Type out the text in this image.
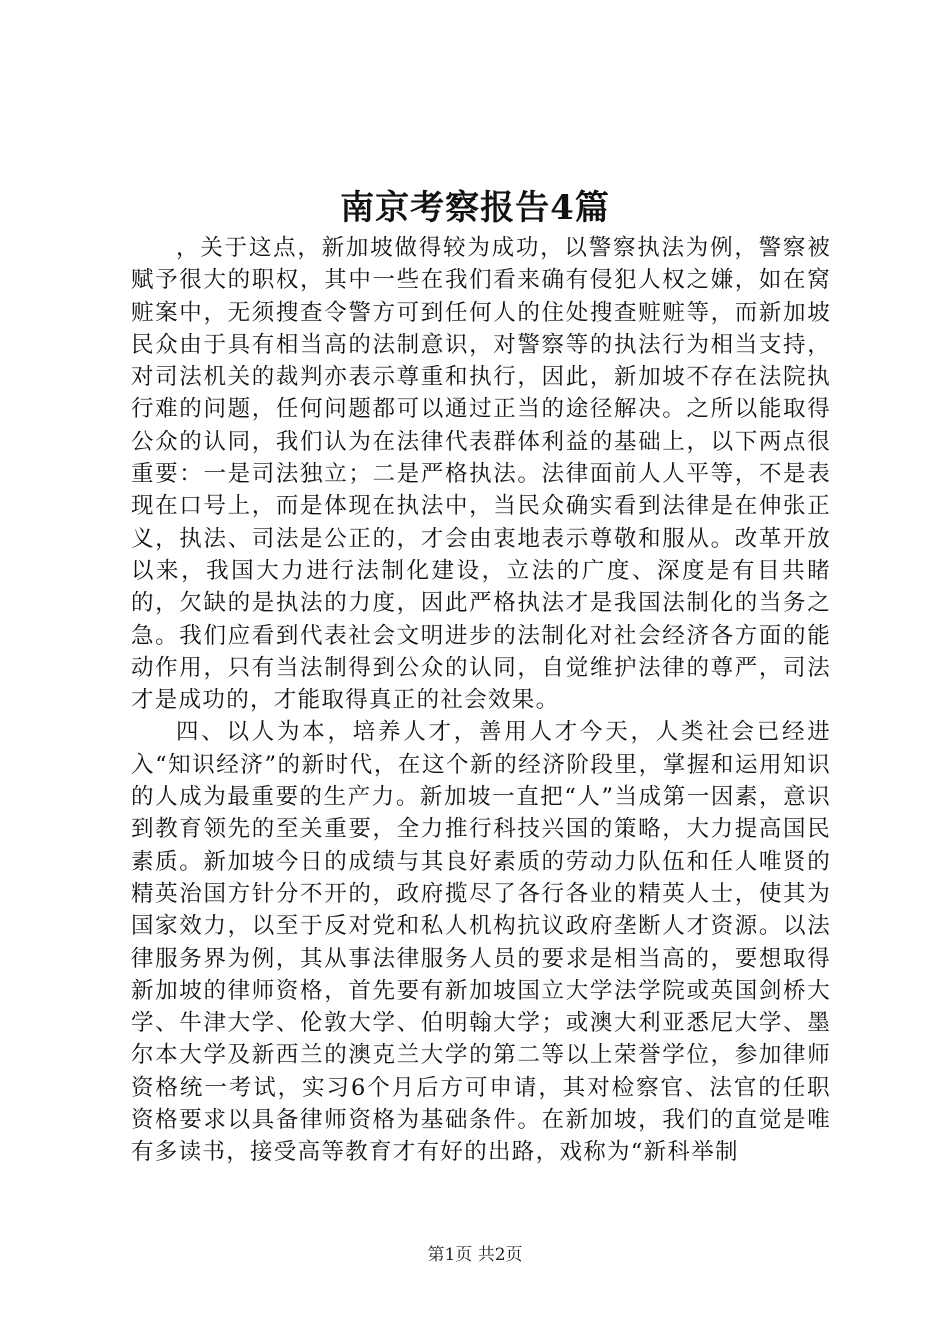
南京考察报告4篇

，关于这点，新加坡做得较为成功，以警察执法为例，警察被赋予很大的职权，其中一些在我们看来确有侵犯人权之嫌，如在窝赃案中，无须搜查令警方可到任何人的住处搜查赃赃等，而新加坡民众由于具有相当高的法制意识，对警察等的执法行为相当支持，对司法机关的裁判亦表示尊重和执行，因此，新加坡不存在法院执行难的问题，任何问题都可以通过正当的途径解决。之所以能取得公众的认同，我们认为在法律代表群体利益的基础上，以下两点很重要：一是司法独立；二是严格执法。法律面前人人平等，不是表现在口号上，而是体现在执法中，当民众确实看到法律是在伸张正义，执法、司法是公正的，才会由衷地表示尊敬和服从。改革开放以来，我国大力进行法制化建设，立法的广度、深度是有目共睹的，欠缺的是执法的力度，因此严格执法才是我国法制化的当务之急。我们应看到代表社会文明进步的法制化对社会经济各方面的能动作用，只有当法制得到公众的认同，自觉维护法律的尊严，司法才是成功的，才能取得真正的社会效果。

四、以人为本，培养人才，善用人才今天，人类社会已经进入“知识经济”的新时代，在这个新的经济阶段里，掌握和运用知识的人成为最重要的生产力。新加坡一直把“人”当成第一因素，意识到教育领先的至关重要，全力推行科技兴国的策略，大力提高国民素质。新加坡今日的成绩与其良好素质的劳动力队伍和任人唯贤的精英治国方针分不开的，政府揽尽了各行各业的精英人士，使其为国家效力，以至于反对党和私人机构抗议政府垄断人才资源。以法律服务界为例，其从事法律服务人员的要求是相当高的，要想取得新加坡的律师资格，首先要有新加坡国立大学法学院或英国剑桥大学、牛津大学、伦敦大学、伯明翰大学；或澳大利亚悉尼大学、墨尔本大学及新西兰的澳克兰大学的第二等以上荣誉学位，参加律师资格统一考试，实习6个月后方可申请，其对检察官、法官的任职资格要求以具备律师资格为基础条件。在新加坡，我们的直觉是唯有多读书，接受高等教育才有好的出路，戏称为“新科举制

第1页 共2页
